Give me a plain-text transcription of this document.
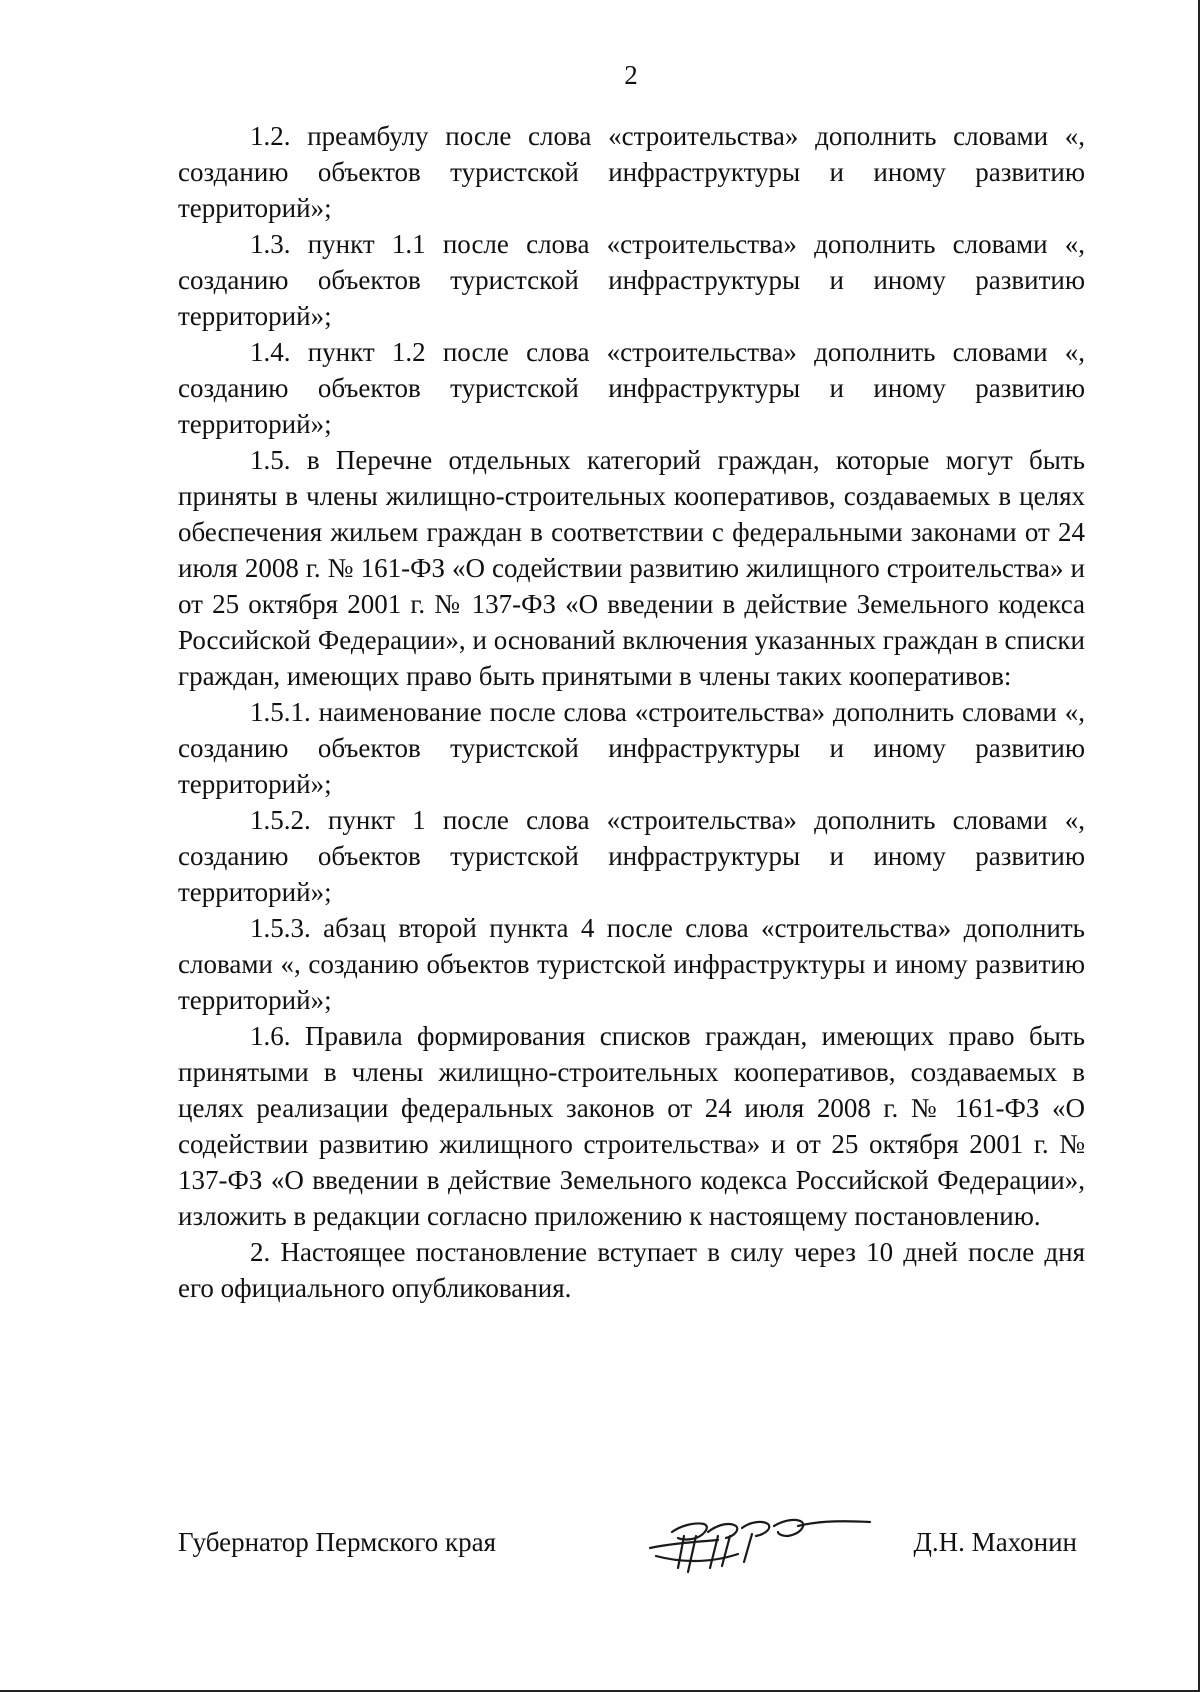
2

1.2. преамбулу после слова «строительства» дополнить словами «, созданию объектов туристской инфраструктуры и иному развитию территорий»;

1.3. пункт 1.1 после слова «строительства» дополнить словами «, созданию объектов туристской инфраструктуры и иному развитию территорий»;

1.4. пункт 1.2 после слова «строительства» дополнить словами «, созданию объектов туристской инфраструктуры и иному развитию территорий»;

1.5. в Перечне отдельных категорий граждан, которые могут быть приняты в члены жилищно-строительных кооперативов, создаваемых в целях обеспечения жильем граждан в соответствии с федеральными законами от 24 июля 2008 г. № 161-ФЗ «О содействии развитию жилищного строительства» и от 25 октября 2001 г. № 137-ФЗ «О введении в действие Земельного кодекса Российской Федерации», и оснований включения указанных граждан в списки граждан, имеющих право быть принятыми в члены таких кооперативов:

1.5.1. наименование после слова «строительства» дополнить словами «, созданию объектов туристской инфраструктуры и иному развитию территорий»;

1.5.2. пункт 1 после слова «строительства» дополнить словами «, созданию объектов туристской инфраструктуры и иному развитию территорий»;

1.5.3. абзац второй пункта 4 после слова «строительства» дополнить словами «, созданию объектов туристской инфраструктуры и иному развитию территорий»;

1.6. Правила формирования списков граждан, имеющих право быть принятыми в члены жилищно-строительных кооперативов, создаваемых в целях реализации федеральных законов от 24 июля 2008 г. № 161-ФЗ «О содействии развитию жилищного строительства» и от 25 октября 2001 г. № 137-ФЗ «О введении в действие Земельного кодекса Российской Федерации», изложить в редакции согласно приложению к настоящему постановлению.

2. Настоящее постановление вступает в силу через 10 дней после дня его официального опубликования.

Губернатор Пермского края	Д.Н. Махонин
